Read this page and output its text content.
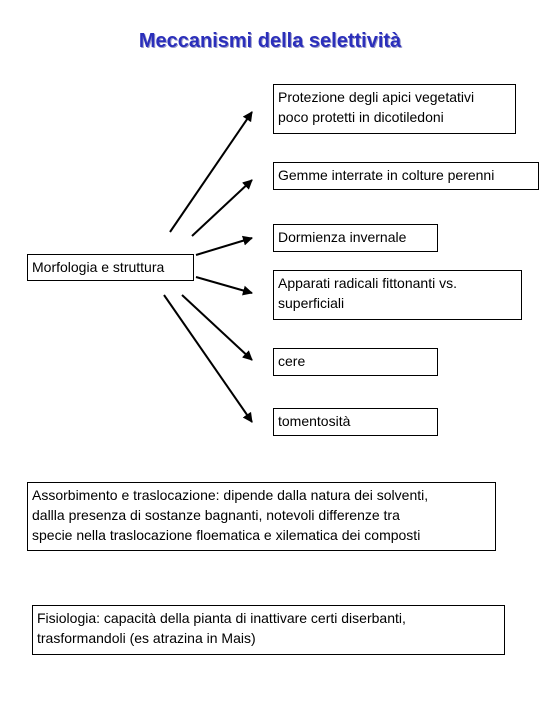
Meccanismi della selettività
Protezione degli apici vegetativi
poco protetti in dicotiledoni
Gemme interrate in colture perenni
Dormienza invernale
Apparati radicali fittonanti vs.
superficiali
cere
tomentosità
Morfologia e struttura
Assorbimento e traslocazione: dipende dalla natura dei solventi,
dallla presenza di sostanze bagnanti, notevoli differenze tra
specie nella traslocazione floematica e xilematica dei composti
Fisiologia: capacità della pianta di inattivare certi diserbanti,
trasformandoli (es atrazina in Mais)
